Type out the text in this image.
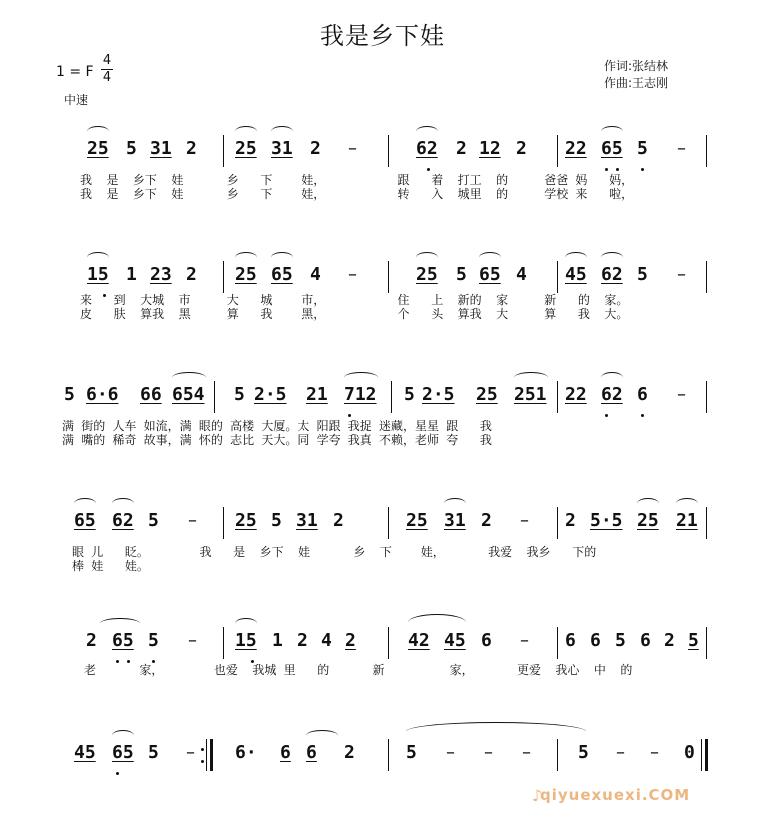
我是乡下娃
1 = F
4
4
中速
作词:张结林
作曲:王志刚
25 5 31 2 25 31 2 –	62 2 12 2 22 65 5 –
我  是  乡下  娃      乡   下    娃，          跟   着  打工  的     爸爸 妈   妈，
我  是  乡下  娃      乡   下    娃，          转   入  城里  的     学校 来   啦，
15 1 23 2 25 65 4 –	25 5 65 4 45 62 5 –
来   到  大城  市     大   城    市，          住   上  新的  家     新   的  家。
皮   肤  算我  黑     算   我    黑，          个   头  算我  大     算   我  大。
5 6·6 66 654 5 2·5 21 712 5 2·5 25 251 22 62 6 –
满 街的 人车 如流，满 眼的 高楼 大厦。太 阳跟 我捉 迷藏，星星 跟   我
满 嘴的 稀奇 故事，满 怀的 志比 天大。同 学夸 我真 不赖，老师 夸   我
65 62 5 – 25 5 31 2	25 31 2 – 2 5·5 25 21
眼 儿   眨。       我   是  乡下  娃      乡  下    娃，      我爱  我乡   下的
棒 娃   娃。
2 65 5 – 15 1 2 4 2	42 45 6 – 6 6 5 6 2 5
老      家，       也爱  我城 里   的      新         家，      更爱  我心  中  的
45 65 5 – 6· 6 6 2	5 – – –	5 – – 0
♪
qiyuexuexi.COM
